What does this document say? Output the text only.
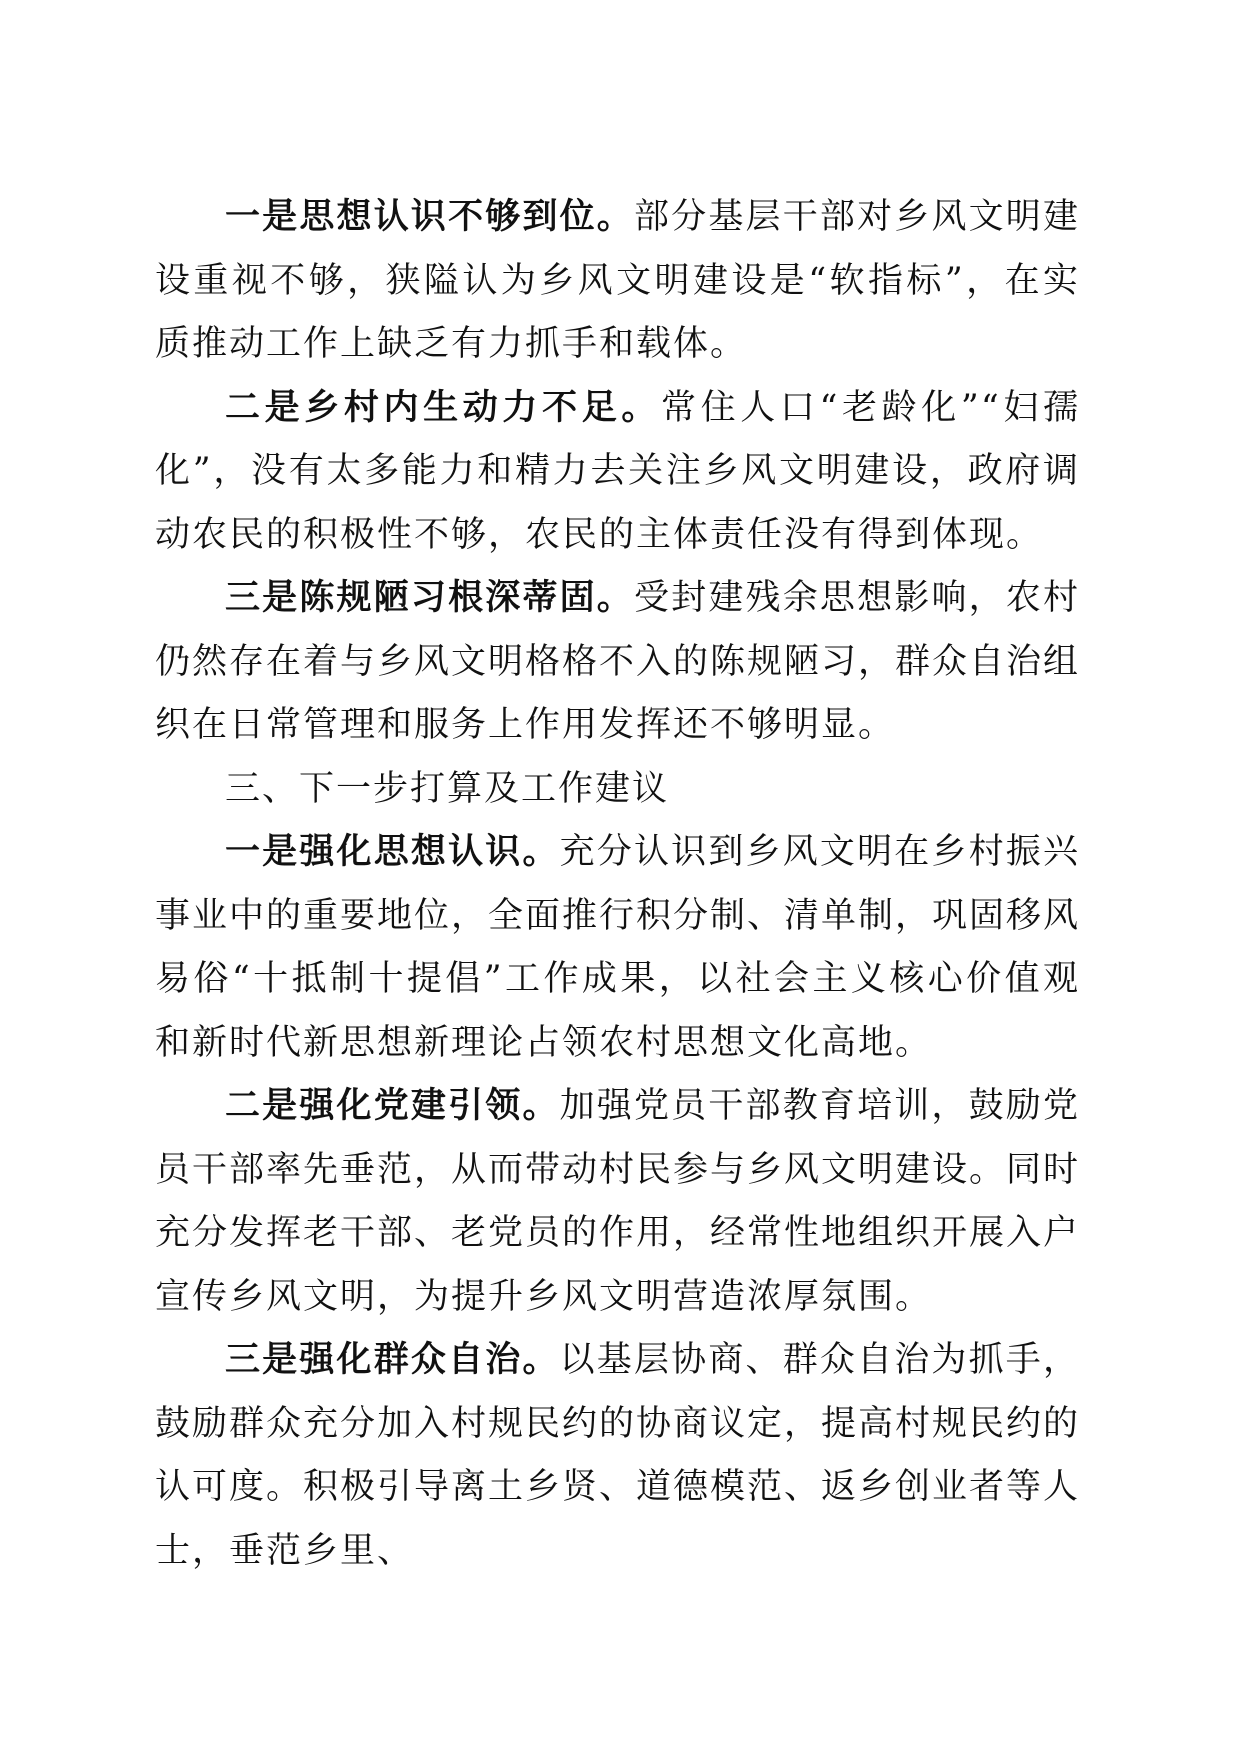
一是思想认识不够到位。部分基层干部对乡风文明建设重视不够，狭隘认为乡风文明建设是“软指标”，在实质推动工作上缺乏有力抓手和载体。

二是乡村内生动力不足。常住人口“老龄化”“妇孺化”，没有太多能力和精力去关注乡风文明建设，政府调动农民的积极性不够，农民的主体责任没有得到体现。

三是陈规陋习根深蒂固。受封建残余思想影响，农村仍然存在着与乡风文明格格不入的陈规陋习，群众自治组织在日常管理和服务上作用发挥还不够明显。

三、下一步打算及工作建议

一是强化思想认识。充分认识到乡风文明在乡村振兴事业中的重要地位，全面推行积分制、清单制，巩固移风易俗“十抵制十提倡”工作成果，以社会主义核心价值观和新时代新思想新理论占领农村思想文化高地。

二是强化党建引领。加强党员干部教育培训，鼓励党员干部率先垂范，从而带动村民参与乡风文明建设。同时充分发挥老干部、老党员的作用，经常性地组织开展入户宣传乡风文明，为提升乡风文明营造浓厚氛围。

三是强化群众自治。以基层协商、群众自治为抓手，鼓励群众充分加入村规民约的协商议定，提高村规民约的认可度。积极引导离土乡贤、道德模范、返乡创业者等人士，垂范乡里、
